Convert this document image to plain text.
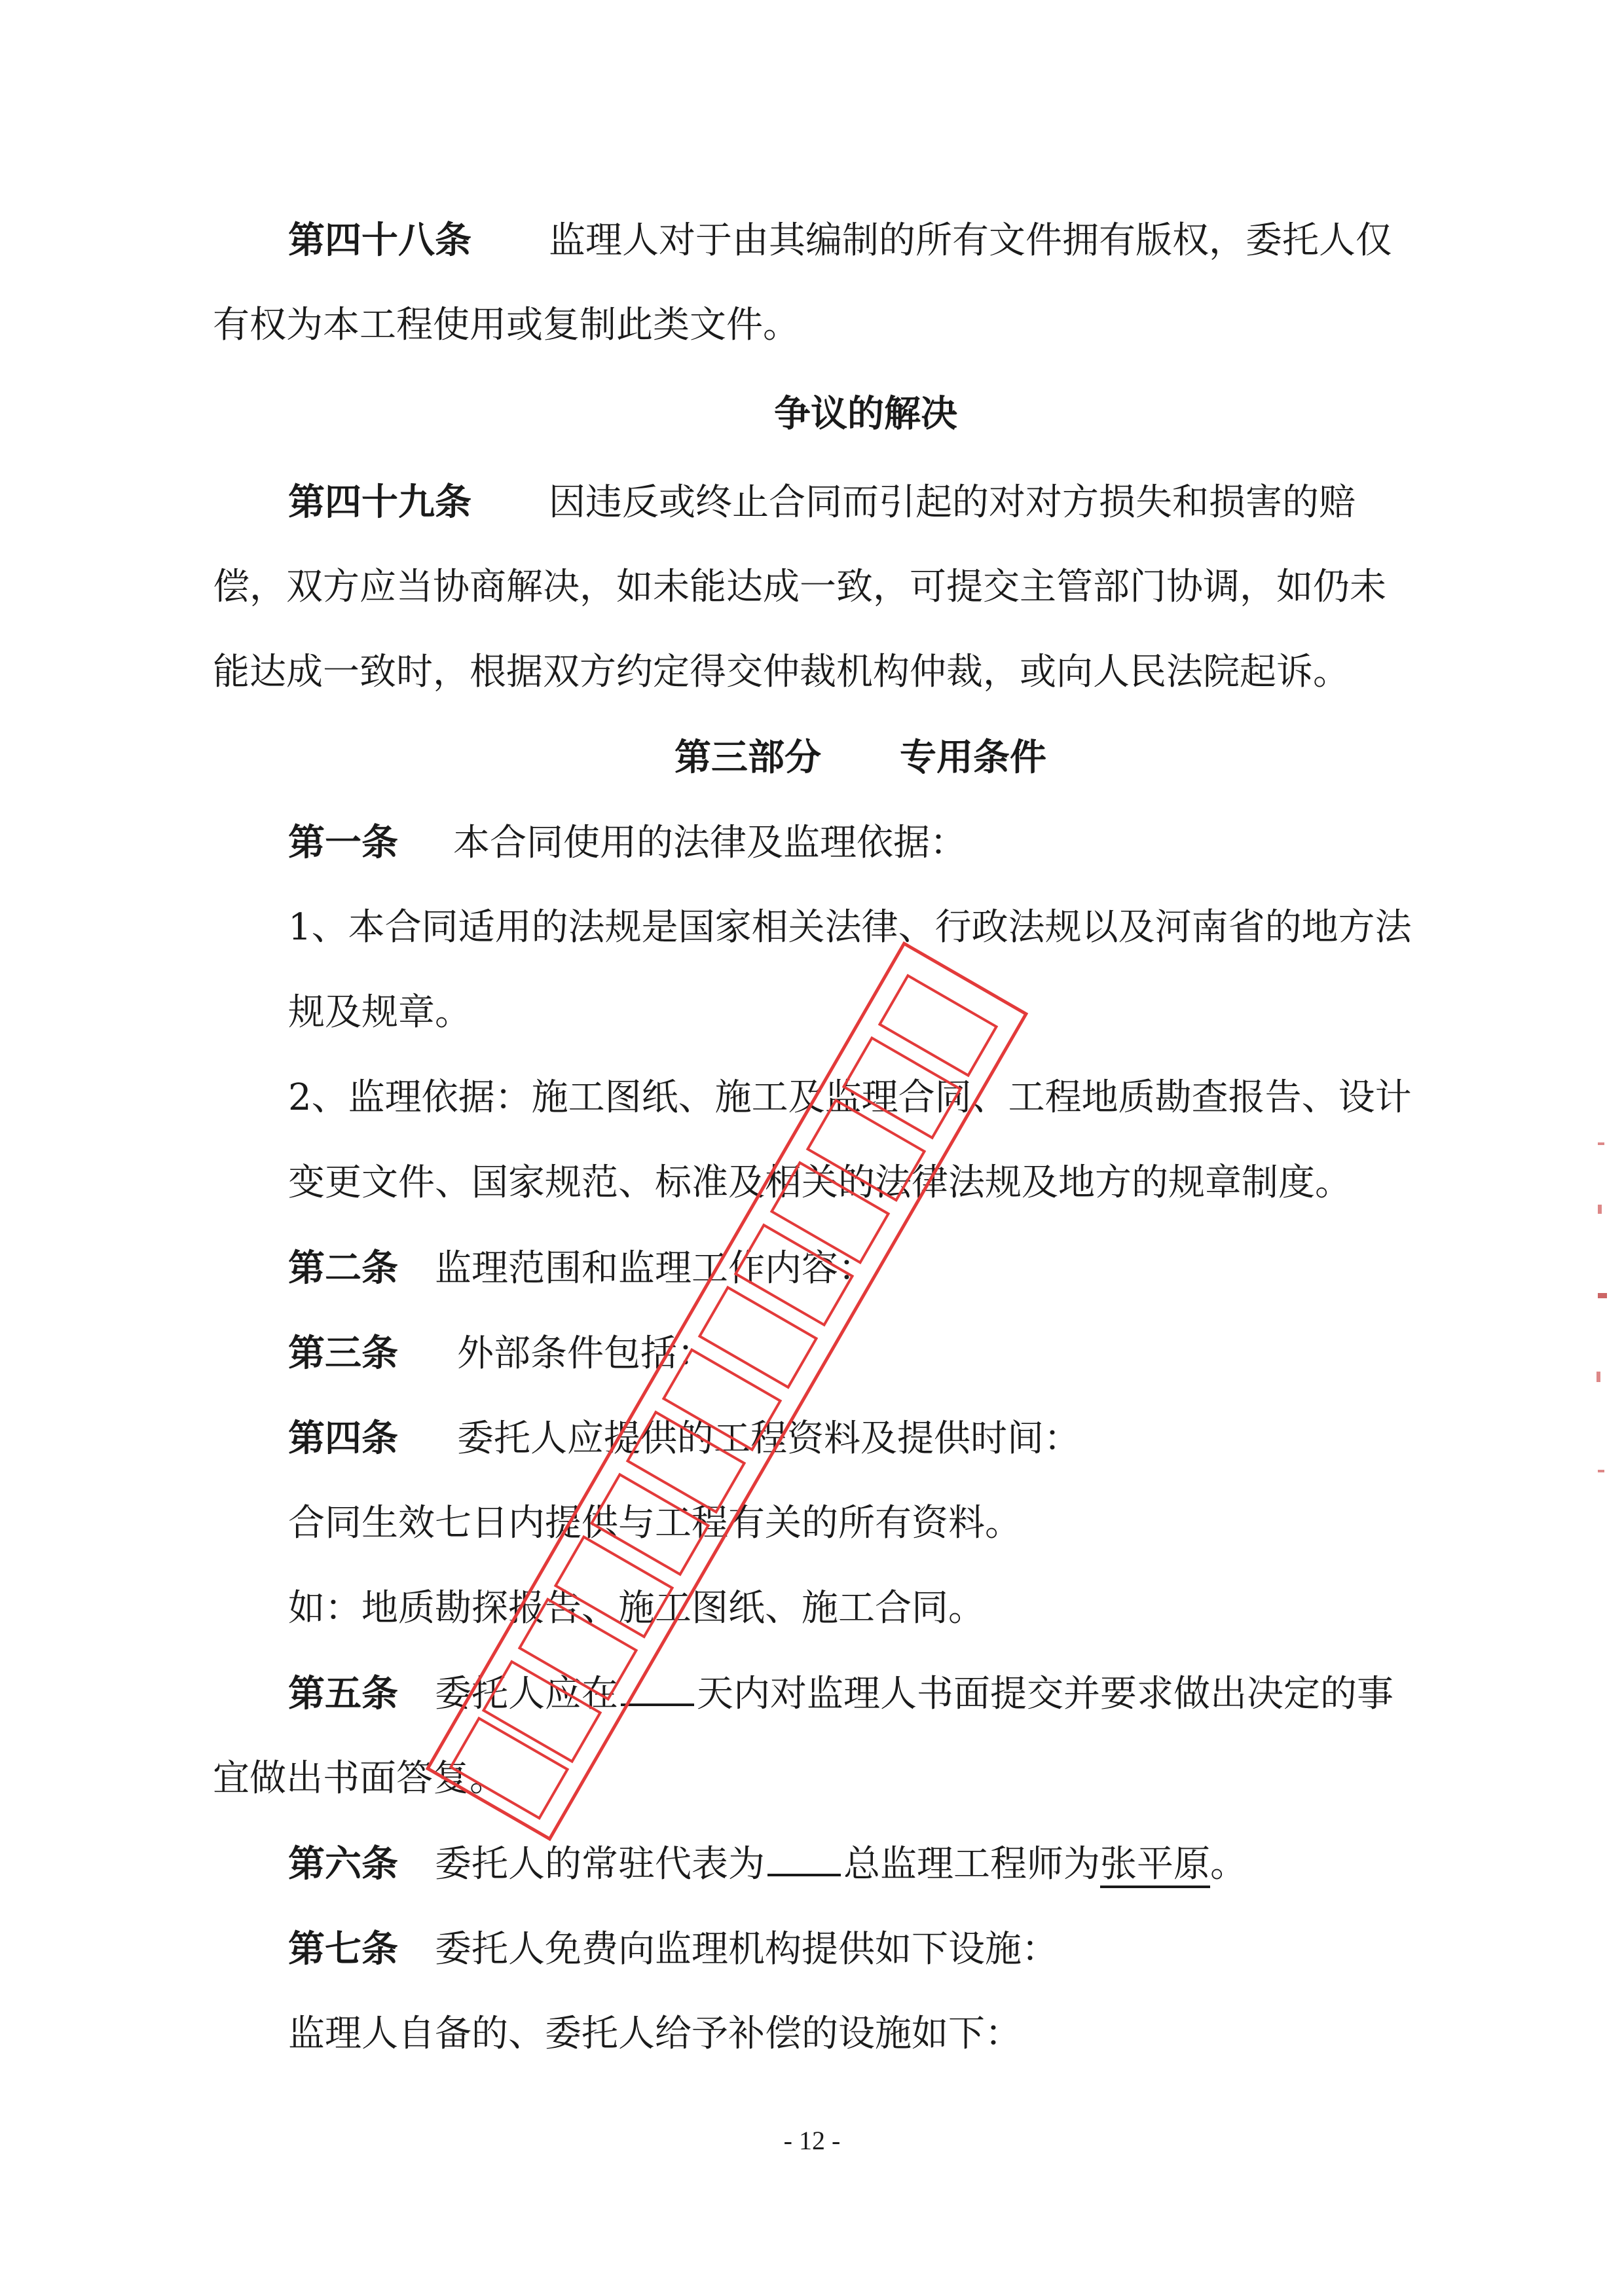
第四十八条 监理人对于由其编制的所有文件拥有版权，委托人仅
有权为本工程使用或复制此类文件。
争议的解决
第四十九条 因违反或终止合同而引起的对对方损失和损害的赔
偿，双方应当协商解决，如未能达成一致，可提交主管部门协调，如仍未
能达成一致时，根据双方约定得交仲裁机构仲裁，或向人民法院起诉。
第三部分 专用条件
第一条 本合同使用的法律及监理依据：
1、本合同适用的法规是国家相关法律、行政法规以及河南省的地方法
规及规章。
2、监理依据：施工图纸、施工及监理合同、工程地质勘查报告、设计
变更文件、国家规范、标准及相关的法律法规及地方的规章制度。
第二条 监理范围和监理工作内容：
第三条 外部条件包括：
第四条 委托人应提供的工程资料及提供时间：
合同生效七日内提供与工程有关的所有资料。
如：地质勘探报告、施工图纸、施工合同。
第五条 委托人应在 天内对监理人书面提交并要求做出决定的事
宜做出书面答复。
第六条 委托人的常驻代表为 总监理工程师为张平原。
第七条 委托人免费向监理机构提供如下设施：
监理人自备的、委托人给予补偿的设施如下：
- 12 -
